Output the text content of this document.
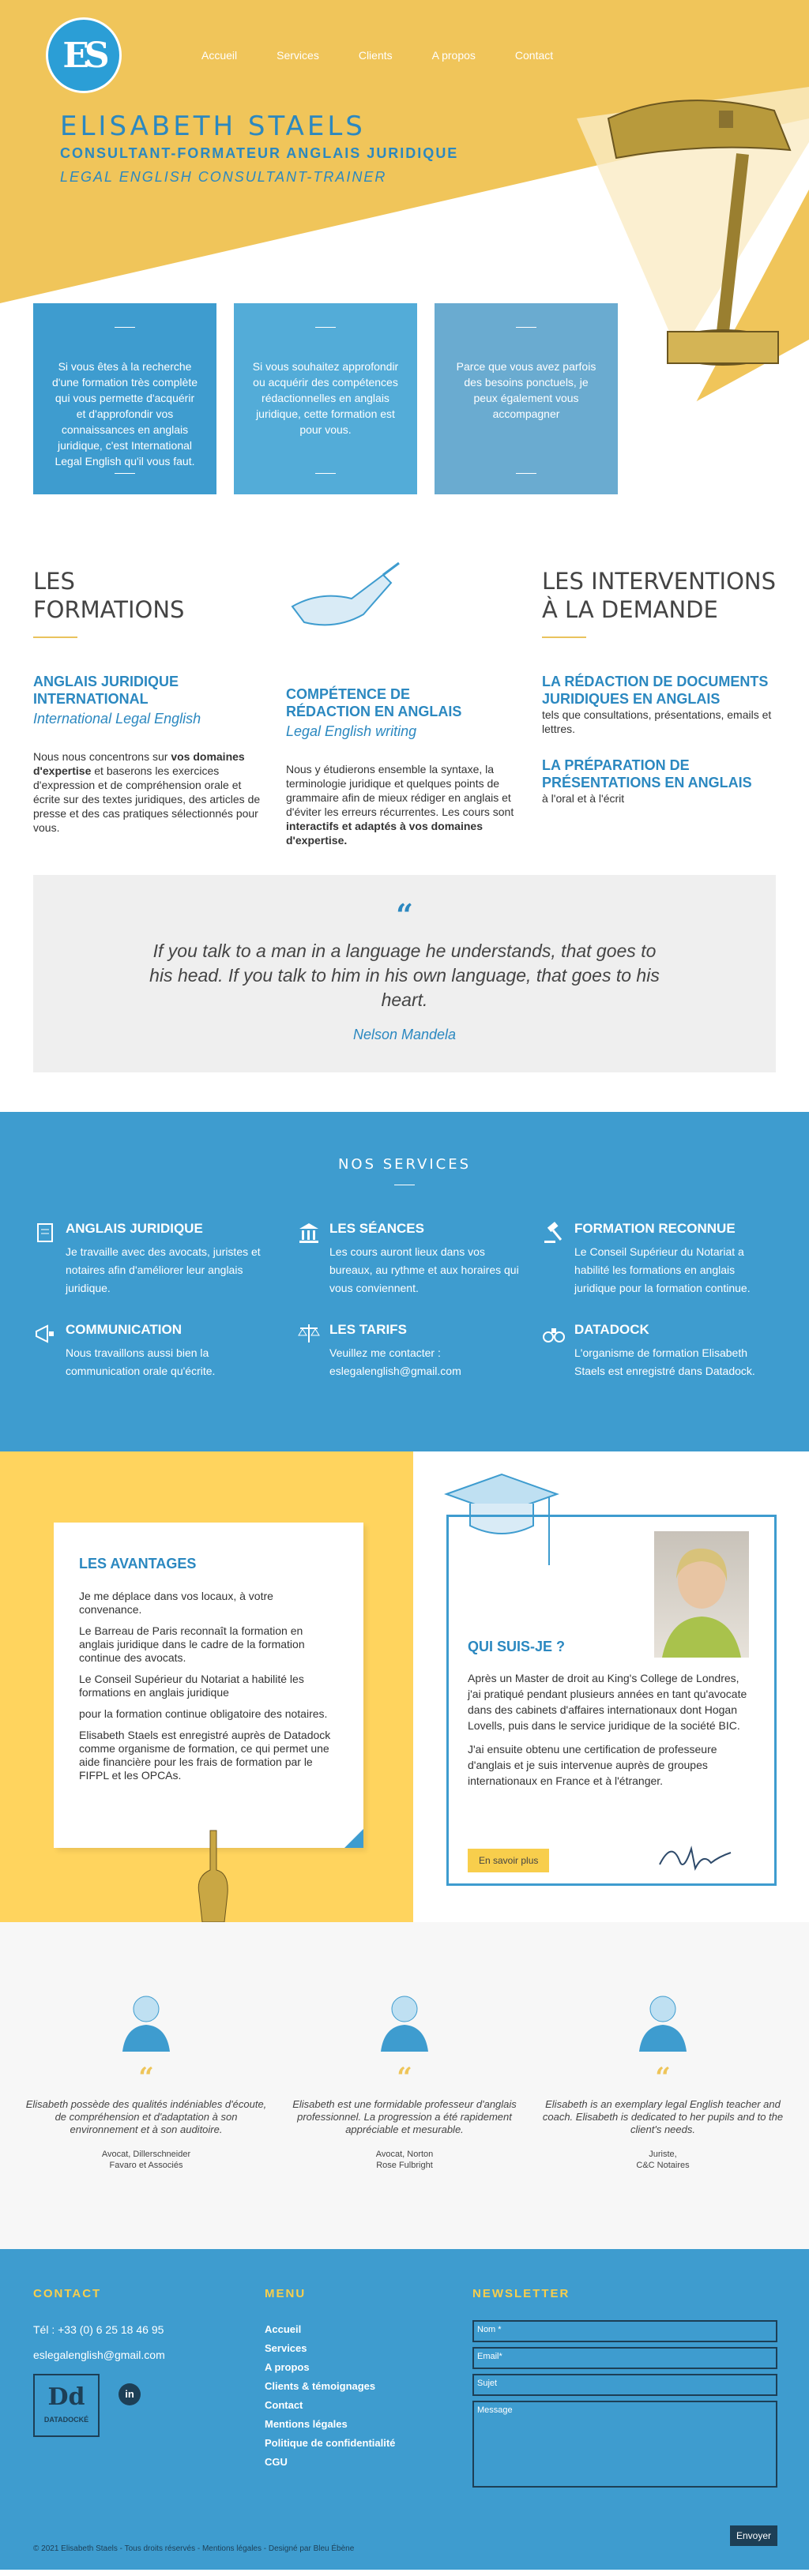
ES	Accueil	Services	Clients	A propos	Contact
ELISABETH STAELS
CONSULTANT-FORMATEUR ANGLAIS JURIDIQUE
LEGAL ENGLISH CONSULTANT-TRAINER
Si vous êtes à la recherche d'une formation très complète qui vous permette d'acquérir et d'approfondir vos connaissances en anglais juridique, c'est International Legal English qu'il vous faut.
Si vous souhaitez approfondir ou acquérir des compétences rédactionnelles en anglais juridique, cette formation est pour vous.
Parce que vous avez parfois des besoins ponctuels, je peux également vous accompagner
LES
FORMATIONS
ANGLAIS JURIDIQUE INTERNATIONAL
International Legal English
Nous nous concentrons sur vos domaines d'expertise et baserons les exercices d'expression et de compréhension orale et écrite sur des textes juridiques, des articles de presse et des cas pratiques sélectionnés pour vous.
COMPÉTENCE DE RÉDACTION EN ANGLAIS
Legal English writing
Nous y étudierons ensemble la syntaxe, la terminologie juridique et quelques points de grammaire afin de mieux rédiger en anglais et d'éviter les erreurs récurrentes. Les cours sont interactifs et adaptés à vos domaines d'expertise.
LES INTERVENTIONS
À LA DEMANDE
LA RÉDACTION DE DOCUMENTS JURIDIQUES EN ANGLAIS
tels que consultations, présentations, emails et lettres.
LA PRÉPARATION DE PRÉSENTATIONS EN ANGLAIS
à l'oral et à l'écrit
“
If you talk to a man in a language he understands, that goes to his head. If you talk to him in his own language, that goes to his heart.
Nelson Mandela
NOS SERVICES
ANGLAIS JURIDIQUE
Je travaille avec des avocats, juristes et notaires afin d'améliorer leur anglais juridique.
LES SÉANCES
Les cours auront lieux dans vos bureaux, au rythme et aux horaires qui vous conviennent.
FORMATION RECONNUE
Le Conseil Supérieur du Notariat a habilité les formations en anglais juridique pour la formation continue.
COMMUNICATION
Nous travaillons aussi bien la communication orale qu'écrite.
LES TARIFS
Veuillez me contacter : eslegalenglish@gmail.com
DATADOCK
L'organisme de formation Elisabeth Staels est enregistré dans Datadock.
LES AVANTAGES

Je me déplace dans vos locaux, à votre convenance.

Le Barreau de Paris reconnaît la formation en anglais juridique dans le cadre de la formation continue des avocats.

Le Conseil Supérieur du Notariat a habilité les formations en anglais juridique

pour la formation continue obligatoire des notaires.

Elisabeth Staels est enregistré auprès de Datadock comme organisme de formation, ce qui permet une aide financière pour les frais de formation par le FIFPL et les OPCAs.

QUI SUIS-JE ?

Après un Master de droit au King's College de Londres, j'ai pratiqué pendant plusieurs années en tant qu'avocate dans des cabinets d'affaires internationaux dont Hogan Lovells, puis dans le service juridique de la société BIC.

J'ai ensuite obtenu une certification de professeure d'anglais et je suis intervenue auprès de groupes internationaux en France et à l'étranger.

En savoir plus
“
Elisabeth possède des qualités indéniables d'écoute, de compréhension et d'adaptation à son environnement et à son auditoire.
Avocat, Dillerschneider
Favaro et Associés
“
Elisabeth est une formidable professeur d'anglais professionnel. La progression a été rapidement appréciable et mesurable.
Avocat, Norton
Rose Fulbright
“
Elisabeth is an exemplary legal English teacher and coach. Elisabeth is dedicated to her pupils and to the client's needs.
Juriste,
C&C Notaires
CONTACT
Tél : +33 (0) 6 25 18 46 95
eslegalenglish@gmail.com
Dd
DATADOCKÉ
in
MENU
Accueil
Services
A propos
Clients & témoignages
Contact
Mentions légales
Politique de confidentialité
CGU
NEWSLETTER
Nom *
Email*
Sujet
Message
Envoyer
© 2021 Elisabeth Staels - Tous droits réservés - Mentions légales - Designé par Bleu Ébène
